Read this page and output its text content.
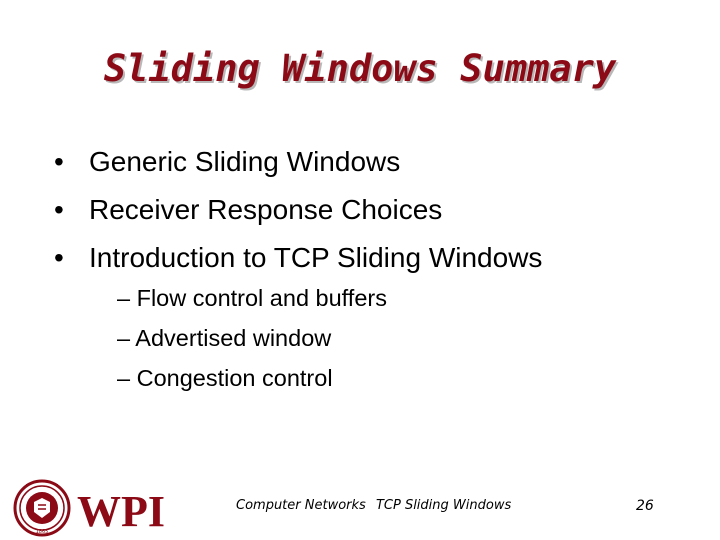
Sliding Windows Summary
• Generic Sliding Windows
• Receiver Response Choices
• Introduction to TCP Sliding Windows
– Flow control and buffers
– Advertised window
– Congestion control
1865 WPI	Computer Networks TCP Sliding Windows	26
